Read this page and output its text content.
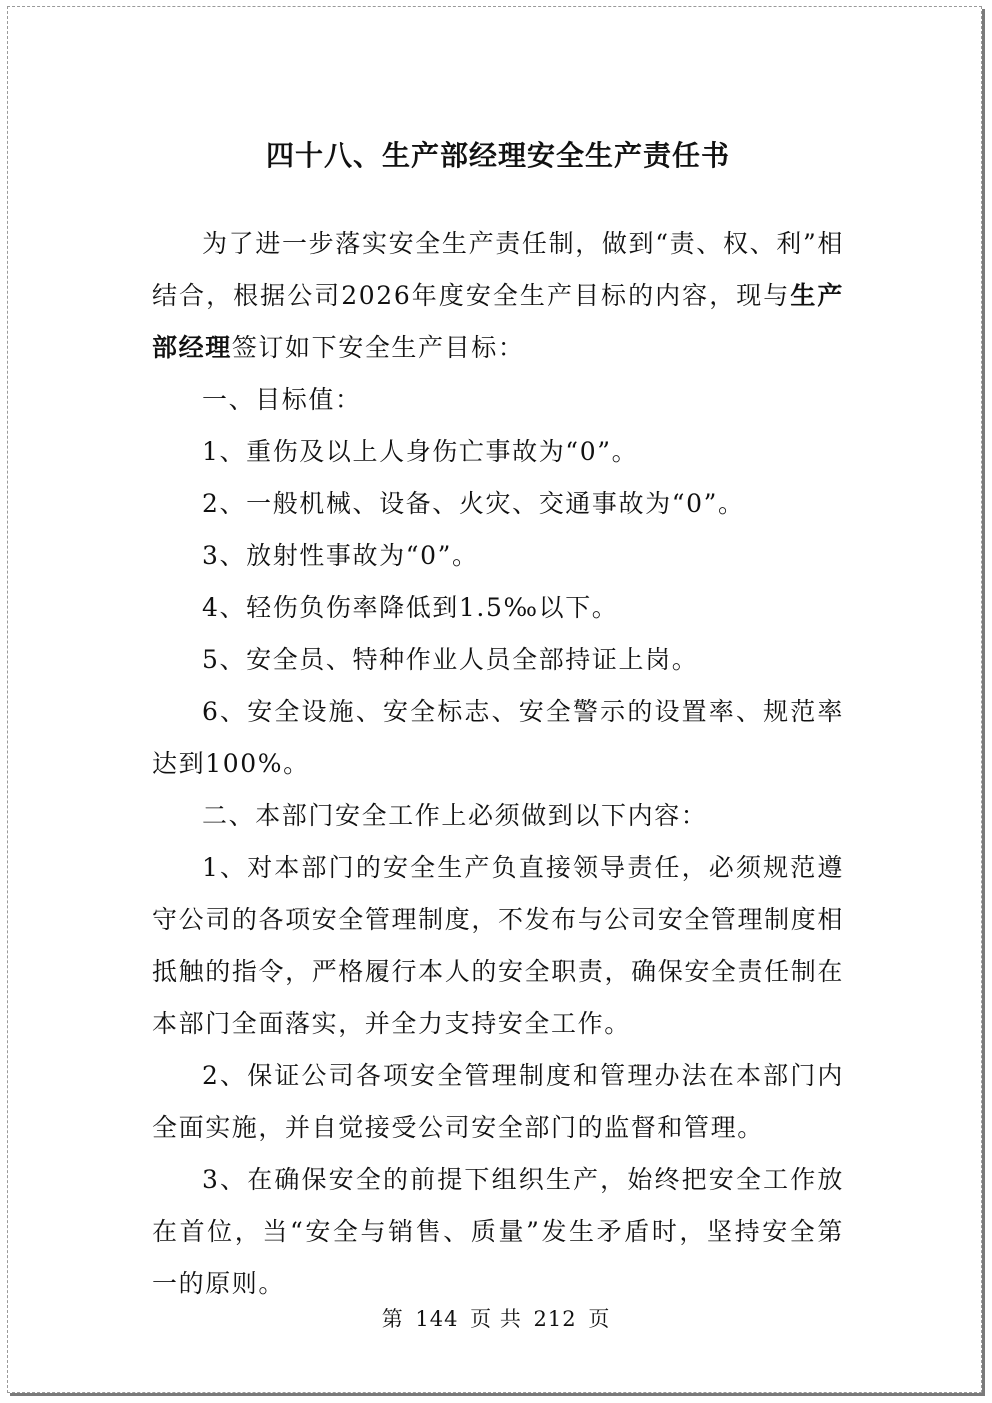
四十八、生产部经理安全生产责任书

为了进一步落实安全生产责任制，做到“责、权、利”相结合，根据公司2026年度安全生产目标的内容，现与生产部经理签订如下安全生产目标：

一、目标值：

1、重伤及以上人身伤亡事故为“0”。

2、一般机械、设备、火灾、交通事故为“0”。

3、放射性事故为“0”。

4、轻伤负伤率降低到1.5‰以下。

5、安全员、特种作业人员全部持证上岗。

6、安全设施、安全标志、安全警示的设置率、规范率达到100%。

二、本部门安全工作上必须做到以下内容：

1、对本部门的安全生产负直接领导责任，必须规范遵守公司的各项安全管理制度，不发布与公司安全管理制度相抵触的指令，严格履行本人的安全职责，确保安全责任制在本部门全面落实，并全力支持安全工作。

2、保证公司各项安全管理制度和管理办法在本部门内全面实施，并自觉接受公司安全部门的监督和管理。

3、在确保安全的前提下组织生产，始终把安全工作放在首位，当“安全与销售、质量”发生矛盾时，坚持安全第一的原则。

第 144 页 共 212 页
